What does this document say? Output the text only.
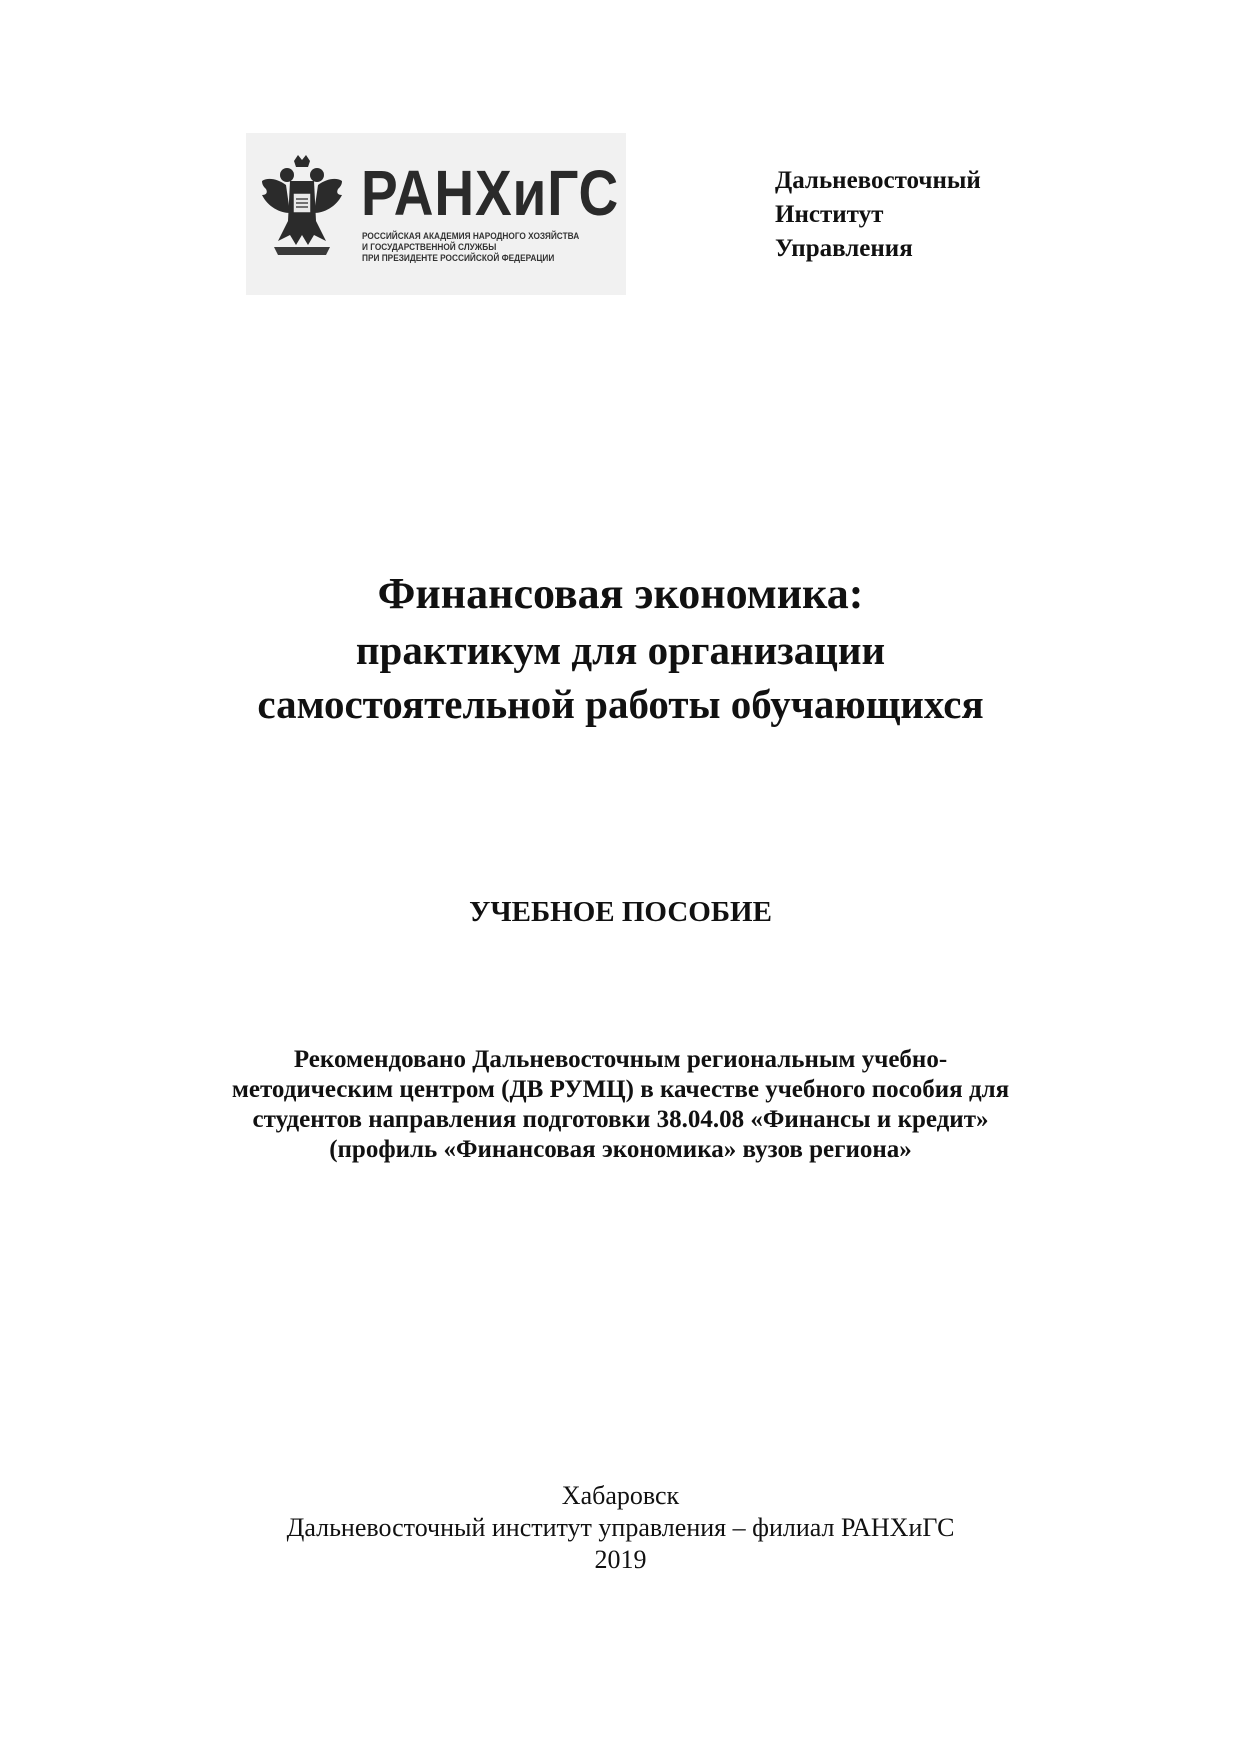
РАНХиГС
РОССИЙСКАЯ АКАДЕМИЯ НАРОДНОГО ХОЗЯЙСТВА
И ГОСУДАРСТВЕННОЙ СЛУЖБЫ
ПРИ ПРЕЗИДЕНТЕ РОССИЙСКОЙ ФЕДЕРАЦИИ
Дальневосточный
Институт
Управления
Финансовая экономика:
практикум для организации
самостоятельной работы обучающихся
УЧЕБНОЕ ПОСОБИЕ
Рекомендовано Дальневосточным региональным учебно-
методическим центром (ДВ РУМЦ) в качестве учебного пособия для
студентов направления подготовки 38.04.08 «Финансы и кредит»
(профиль «Финансовая экономика» вузов региона»
Хабаровск
Дальневосточный институт управления – филиал РАНХиГС
2019
